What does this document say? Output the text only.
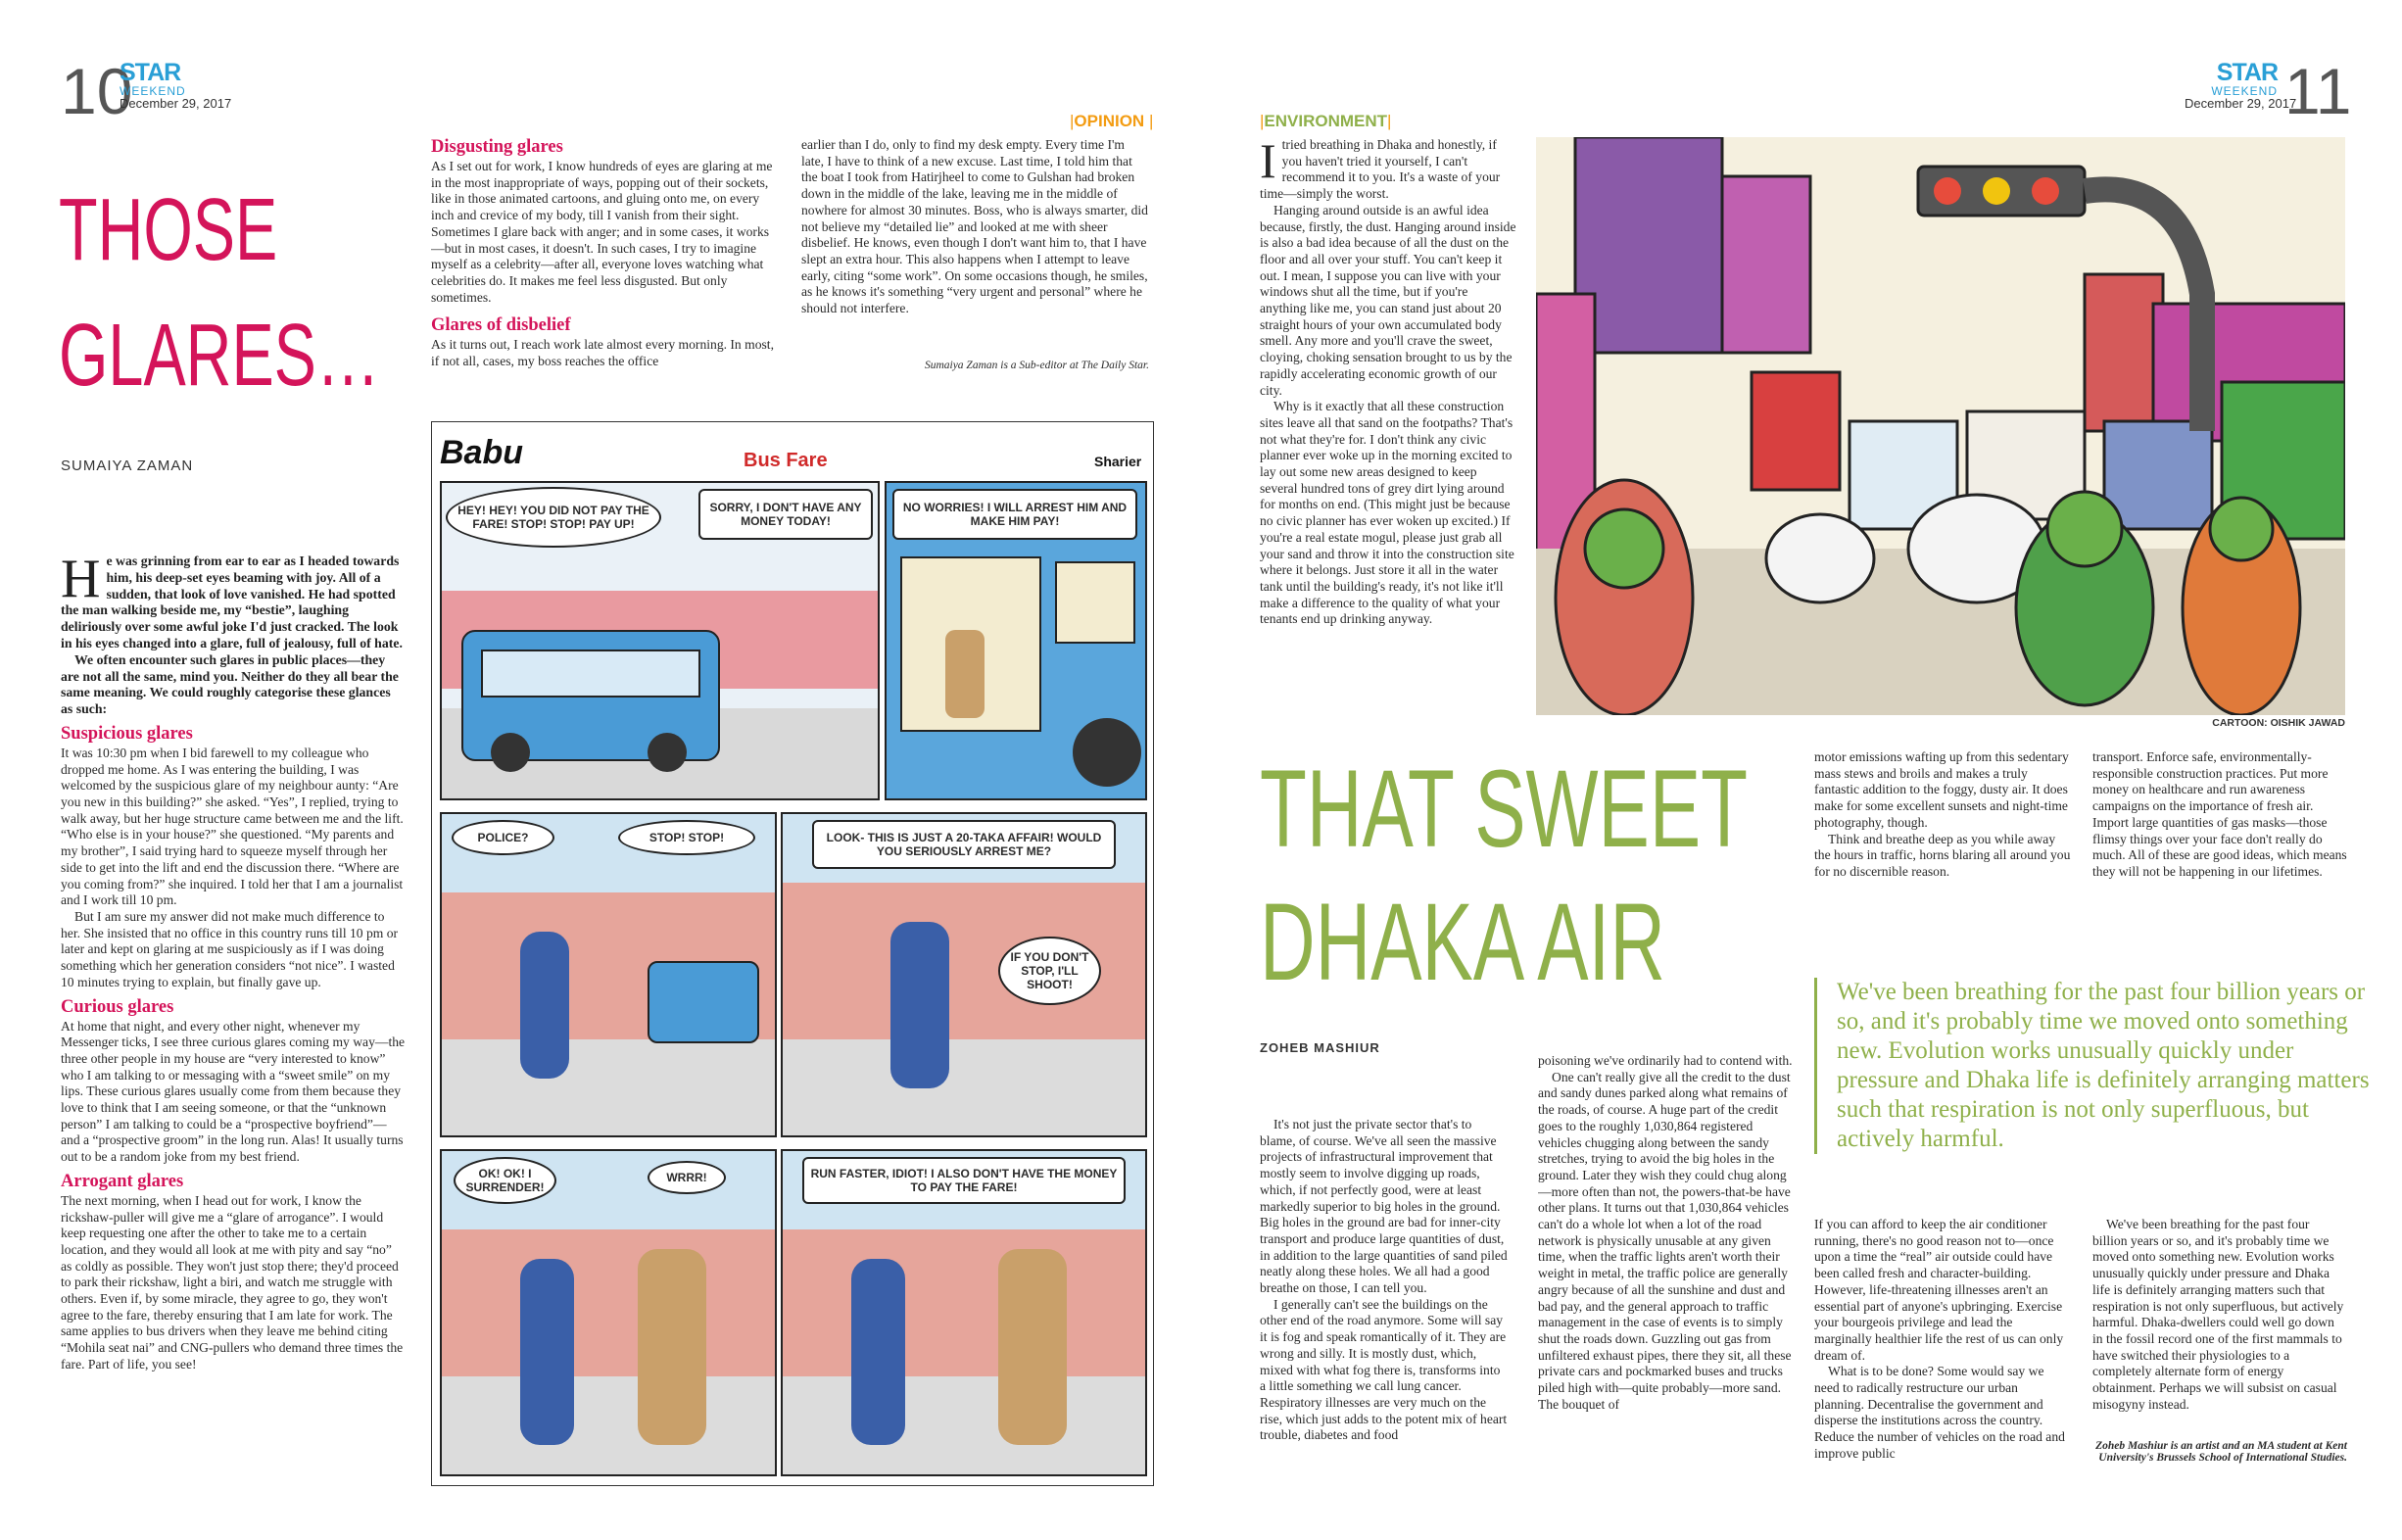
10
STAR
WEEKEND
December 29, 2017
|OPINION |
THOSE
GLARES…
SUMAIYA ZAMAN
He was grinning from ear to ear as I headed towards him, his deep-set eyes beaming with joy. All of a sudden, that look of love vanished. He had spotted the man walking beside me, my “bestie”, laughing deliriously over some awful joke I'd just cracked. The look in his eyes changed into a glare, full of jealousy, full of hate.
We often encounter such glares in public places—they are not all the same, mind you. Neither do they all bear the same meaning. We could roughly categorise these glances as such:
Suspicious glares

It was 10:30 pm when I bid farewell to my colleague who dropped me home. As I was entering the building, I was welcomed by the suspicious glare of my neighbour aunty: “Are you new in this building?” she asked. “Yes”, I replied, trying to walk away, but her huge structure came between me and the lift. “Who else is in your house?” she questioned. “My parents and my brother”, I said trying hard to squeeze myself through her side to get into the lift and end the discussion there. “Where are you coming from?” she inquired. I told her that I am a journalist and I work till 10 pm.

But I am sure my answer did not make much difference to her. She insisted that no office in this country runs till 10 pm or later and kept on glaring at me suspiciously as if I was doing something which her generation considers “not nice”. I wasted 10 minutes trying to explain, but finally gave up.

Curious glares

At home that night, and every other night, whenever my Messenger ticks, I see three curious glares coming my way—the three other people in my house are “very interested to know” who I am talking to or messaging with a “sweet smile” on my lips. These curious glares usually come from them because they love to think that I am seeing someone, or that the “unknown person” I am talking to could be a “prospective boyfriend”—and a “prospective groom” in the long run. Alas! It usually turns out to be a random joke from my best friend.

Arrogant glares

The next morning, when I head out for work, I know the rickshaw-puller will give me a “glare of arrogance”. I would keep requesting one after the other to take me to a certain location, and they would all look at me with pity and say “no” as coldly as possible. They won't just stop there; they'd proceed to park their rickshaw, light a biri, and watch me struggle with others. Even if, by some miracle, they agree to go, they won't agree to the fare, thereby ensuring that I am late for work. The same applies to bus drivers when they leave me behind citing “Mohila seat nai” and CNG-pullers who demand three times the fare. Part of life, you see!

Disgusting glares

As I set out for work, I know hundreds of eyes are glaring at me in the most inappropriate of ways, popping out of their sockets, like in those animated cartoons, and gluing onto me, on every inch and crevice of my body, till I vanish from their sight. Sometimes I glare back with anger; and in some cases, it works—but in most cases, it doesn't. In such cases, I try to imagine myself as a celebrity—after all, everyone loves watching what celebrities do. It makes me feel less disgusted. But only sometimes.

Glares of disbelief

As it turns out, I reach work late almost every morning. In most, if not all, cases, my boss reaches the office

earlier than I do, only to find my desk empty. Every time I'm late, I have to think of a new excuse. Last time, I told him that the boat I took from Hatirjheel to come to Gulshan had broken down in the middle of the lake, leaving me in the middle of nowhere for almost 30 minutes. Boss, who is always smarter, did not believe my “detailed lie” and looked at me with sheer disbelief. He knows, even though I don't want him to, that I have slept an extra hour. This also happens when I attempt to leave early, citing “some work”. On some occasions though, he smiles, as he knows it's something “very urgent and personal” where he should not interfere.

Sumaiya Zaman is a Sub-editor at The Daily Star.
Babu	Bus Fare	Sharier
HEY! HEY! YOU DID NOT PAY THE FARE! STOP! STOP! PAY UP!
SORRY, I DON'T HAVE ANY MONEY TODAY!
NO WORRIES! I WILL ARREST HIM AND MAKE HIM PAY!
POLICE?	STOP! STOP!	LOOK- THIS IS JUST A 20-TAKA AFFAIR! WOULD YOU SERIOUSLY ARREST ME?
IF YOU DON'T STOP, I'LL SHOOT!
OK! OK! I SURRENDER!
WRRR!	RUN FASTER, IDIOT! I ALSO DON'T HAVE THE MONEY TO PAY THE FARE!
11
STAR
WEEKEND
December 29, 2017
|ENVIRONMENT|

Itried breathing in Dhaka and honestly, if you haven't tried it yourself, I can't recommend it to you. It's a waste of your time—simply the worst.

Hanging around outside is an awful idea because, firstly, the dust. Hanging around inside is also a bad idea because of all the dust on the floor and all over your stuff. You can't keep it out. I mean, I suppose you can live with your windows shut all the time, but if you're anything like me, you can stand just about 20 straight hours of your own accumulated body smell. Any more and you'll crave the sweet, cloying, choking sensation brought to us by the rapidly accelerating economic growth of our city.

Why is it exactly that all these construction sites leave all that sand on the footpaths? That's not what they're for. I don't think any civic planner ever woke up in the morning excited to lay out some new areas designed to keep several hundred tons of grey dirt lying around for months on end. (This might just be because no civic planner has ever woken up excited.) If you're a real estate mogul, please just grab all your sand and throw it into the construction site where it belongs. Just store it all in the water tank until the building's ready, it's not like it'll make a difference to the quality of what your tenants end up drinking anyway.

CARTOON: OISHIK JAWAD
THAT SWEET
DHAKA AIR
ZOHEB MASHIUR

It's not just the private sector that's to blame, of course. We've all seen the massive projects of infrastructural improvement that mostly seem to involve digging up roads, which, if not perfectly good, were at least markedly superior to big holes in the ground. Big holes in the ground are bad for inner-city transport and produce large quantities of dust, in addition to the large quantities of sand piled neatly along these holes. We all had a good breathe on those, I can tell you.

I generally can't see the buildings on the other end of the road anymore. Some will say it is fog and speak romantically of it. They are wrong and silly. It is mostly dust, which, mixed with what fog there is, transforms into a little something we call lung cancer. Respiratory illnesses are very much on the rise, which just adds to the potent mix of heart trouble, diabetes and food

poisoning we've ordinarily had to contend with.

One can't really give all the credit to the dust and sandy dunes parked along what remains of the roads, of course. A huge part of the credit goes to the roughly 1,030,864 registered vehicles chugging along between the sandy stretches, trying to avoid the big holes in the ground. Later they wish they could chug along—more often than not, the powers-that-be have other plans. It turns out that 1,030,864 vehicles can't do a whole lot when a lot of the road network is physically unusable at any given time, when the traffic lights aren't worth their weight in metal, the traffic police are generally angry because of all the sunshine and dust and bad pay, and the general approach to traffic management in the case of events is to simply shut the roads down. Guzzling out gas from unfiltered exhaust pipes, there they sit, all these private cars and pockmarked buses and trucks piled high with—quite probably—more sand. The bouquet of

motor emissions wafting up from this sedentary mass stews and broils and makes a truly fantastic addition to the foggy, dusty air. It does make for some excellent sunsets and night-time photography, though.

Think and breathe deep as you while away the hours in traffic, horns blaring all around you for no discernible reason.

transport. Enforce safe, environmentally-responsible construction practices. Put more money on healthcare and run awareness campaigns on the importance of fresh air. Import large quantities of gas masks—those flimsy things over your face don't really do much. All of these are good ideas, which means they will not be happening in our lifetimes.

We've been breathing for the past four billion years or so, and it's probably time we moved onto something new. Evolution works unusually quickly under pressure and Dhaka life is definitely arranging matters such that respiration is not only superfluous, but actively harmful.

If you can afford to keep the air conditioner running, there's no good reason not to—once upon a time the “real” air outside could have been called fresh and character-building. However, life-threatening illnesses aren't an essential part of anyone's upbringing. Exercise your bourgeois privilege and lead the marginally healthier life the rest of us can only dream of.

What is to be done? Some would say we need to radically restructure our urban planning. Decentralise the government and disperse the institutions across the country. Reduce the number of vehicles on the road and improve public

We've been breathing for the past four billion years or so, and it's probably time we moved onto something new. Evolution works unusually quickly under pressure and Dhaka life is definitely arranging matters such that respiration is not only superfluous, but actively harmful. Dhaka-dwellers could well go down in the fossil record one of the first mammals to have switched their physiologies to a completely alternate form of energy obtainment. Perhaps we will subsist on casual misogyny instead.

Zoheb Mashiur is an artist and an MA student at Kent University's Brussels School of International Studies.
